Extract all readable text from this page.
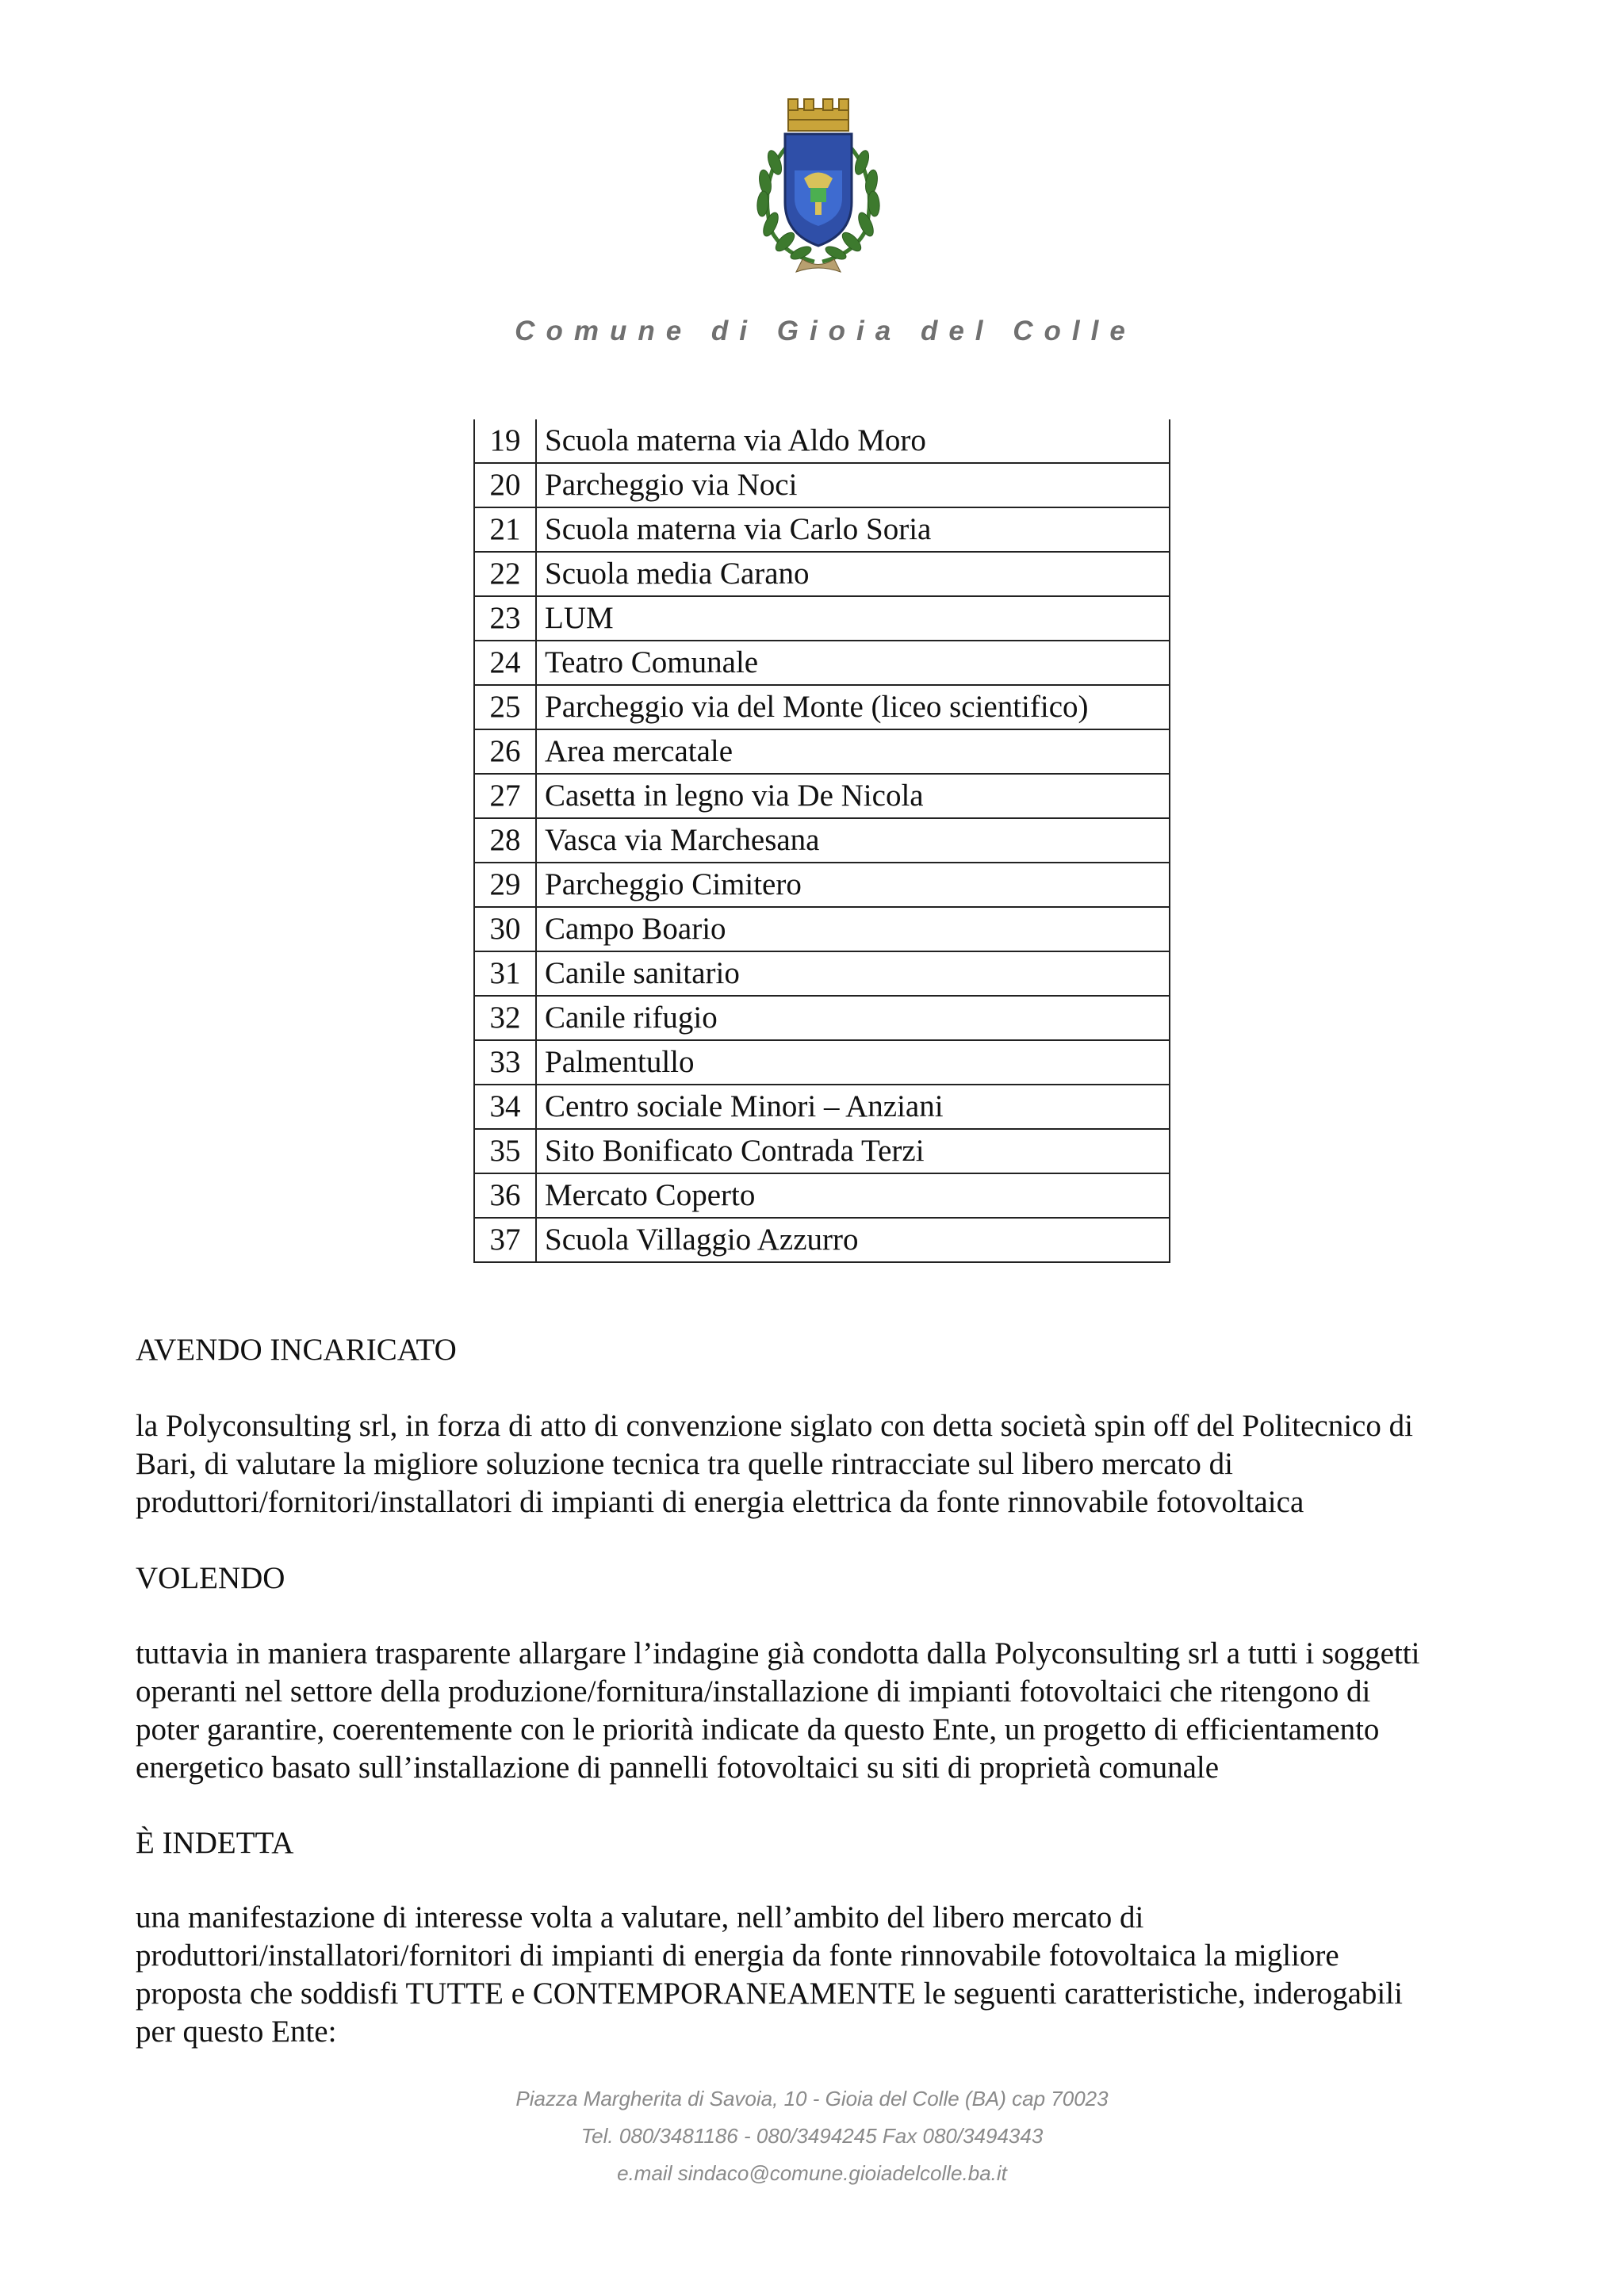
Comune di Gioia del Colle
19	Scuola materna via Aldo Moro
20	Parcheggio via Noci
21	Scuola materna via Carlo Soria
22	Scuola media Carano
23	LUM
24	Teatro Comunale
25	Parcheggio via del Monte (liceo scientifico)
26	Area mercatale
27	Casetta in legno via De Nicola
28	Vasca via Marchesana
29	Parcheggio Cimitero
30	Campo Boario
31	Canile sanitario
32	Canile rifugio
33	Palmentullo
34	Centro sociale Minori – Anziani
35	Sito Bonificato Contrada Terzi
36	Mercato Coperto
37	Scuola Villaggio Azzurro
AVENDO INCARICATO
la Polyconsulting srl, in forza di atto di convenzione siglato con detta società spin off del Politecnico di
Bari, di valutare la migliore soluzione tecnica tra quelle rintracciate sul libero mercato di
produttori/fornitori/installatori di impianti di energia elettrica da fonte rinnovabile fotovoltaica
VOLENDO
tuttavia in maniera trasparente allargare l’indagine già condotta dalla Polyconsulting srl a tutti i soggetti
operanti nel settore della produzione/fornitura/installazione di impianti fotovoltaici che ritengono di
poter garantire, coerentemente con le priorità indicate da questo Ente, un progetto di efficientamento
energetico basato sull’installazione di pannelli fotovoltaici su siti di proprietà comunale
È INDETTA
una manifestazione di interesse volta a valutare, nell’ambito del libero mercato di
produttori/installatori/fornitori di impianti di energia da fonte rinnovabile fotovoltaica la migliore
proposta che soddisfi TUTTE e CONTEMPORANEAMENTE le seguenti caratteristiche, inderogabili
per questo Ente:
Piazza Margherita di Savoia, 10 - Gioia del Colle (BA) cap 70023
Tel. 080/3481186 - 080/3494245 Fax 080/3494343
e.mail sindaco@comune.gioiadelcolle.ba.it
